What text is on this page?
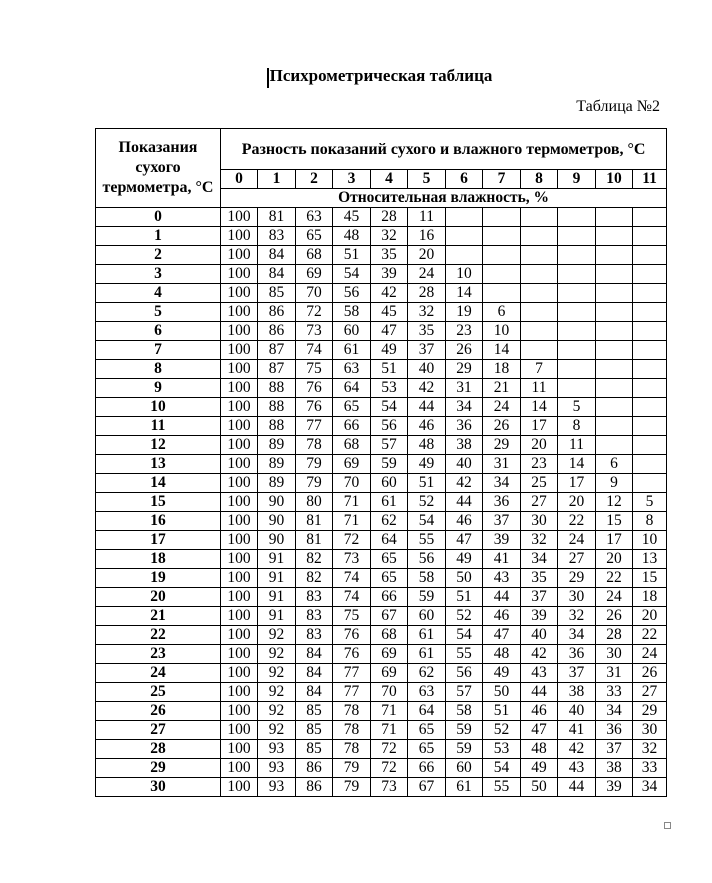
Психрометрическая таблица
Таблица №2
Показания сухого термометра, °С	Разность показаний сухого и влажного термометров, °С											
	0	1	2	3	4	5	6	7	8	9	10	11
	Относительная влажность, %											
0	100	81	63	45	28	11						
1	100	83	65	48	32	16						
2	100	84	68	51	35	20						
3	100	84	69	54	39	24	10					
4	100	85	70	56	42	28	14					
5	100	86	72	58	45	32	19	6				
6	100	86	73	60	47	35	23	10				
7	100	87	74	61	49	37	26	14				
8	100	87	75	63	51	40	29	18	7			
9	100	88	76	64	53	42	31	21	11			
10	100	88	76	65	54	44	34	24	14	5		
11	100	88	77	66	56	46	36	26	17	8		
12	100	89	78	68	57	48	38	29	20	11		
13	100	89	79	69	59	49	40	31	23	14	6	
14	100	89	79	70	60	51	42	34	25	17	9	
15	100	90	80	71	61	52	44	36	27	20	12	5
16	100	90	81	71	62	54	46	37	30	22	15	8
17	100	90	81	72	64	55	47	39	32	24	17	10
18	100	91	82	73	65	56	49	41	34	27	20	13
19	100	91	82	74	65	58	50	43	35	29	22	15
20	100	91	83	74	66	59	51	44	37	30	24	18
21	100	91	83	75	67	60	52	46	39	32	26	20
22	100	92	83	76	68	61	54	47	40	34	28	22
23	100	92	84	76	69	61	55	48	42	36	30	24
24	100	92	84	77	69	62	56	49	43	37	31	26
25	100	92	84	77	70	63	57	50	44	38	33	27
26	100	92	85	78	71	64	58	51	46	40	34	29
27	100	92	85	78	71	65	59	52	47	41	36	30
28	100	93	85	78	72	65	59	53	48	42	37	32
29	100	93	86	79	72	66	60	54	49	43	38	33
30	100	93	86	79	73	67	61	55	50	44	39	34
